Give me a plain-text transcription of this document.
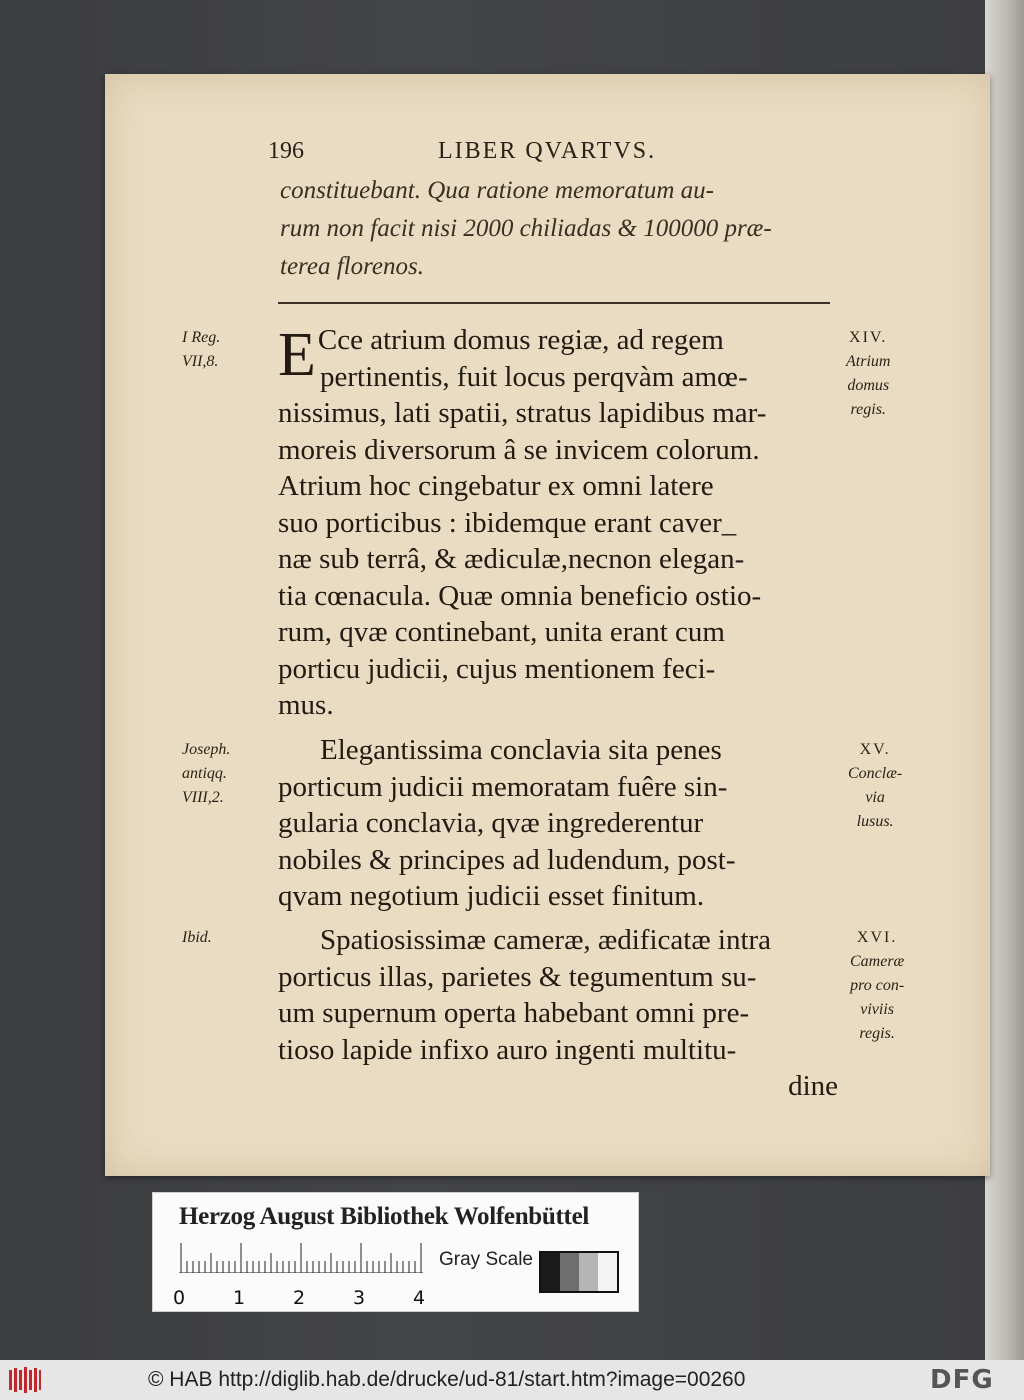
196	LIBER QVARTVS.
constituebant. Qua ratione memoratum au-
rum non facit nisi 2000 chiliadas & 100000 præ-
terea florenos.
E Cce atrium domus regiæ, ad regem
pertinentis, fuit locus perqvàm amœ-
nissimus, lati spatii, stratus lapidibus mar-
moreis diversorum â se invicem colorum.
Atrium hoc cingebatur ex omni latere
suo porticibus : ibidemque erant caver_
næ sub terrâ, & ædiculæ,necnon elegan-
tia cœnacula. Quæ omnia beneficio ostio-
rum, qvæ continebant, unita erant cum
porticu judicii, cujus mentionem feci-
mus.
I Reg.
VII,8.
XIV.
Atrium
domus
regis.
Elegantissima conclavia sita penes
porticum judicii memoratam fuêre sin-
gularia conclavia, qvæ ingrederentur
nobiles & principes ad ludendum, post-
qvam negotium judicii esset finitum.
Joseph.
antiqq.
VIII,2.
XV.
Conclæ-
via
lusus.
Spatiosissimæ cameræ, ædificatæ intra
porticus illas, parietes & tegumentum su-
um supernum operta habebant omni pre-
tioso lapide infixo auro ingenti multitu-
dine
Ibid.	XVI.
Cameræ
pro con-
viviis
regis.
Herzog August Bibliothek Wolfenbüttel
0	1	2	3	4
Gray Scale
© HAB http://diglib.hab.de/drucke/ud-81/start.htm?image=00260	DFG
